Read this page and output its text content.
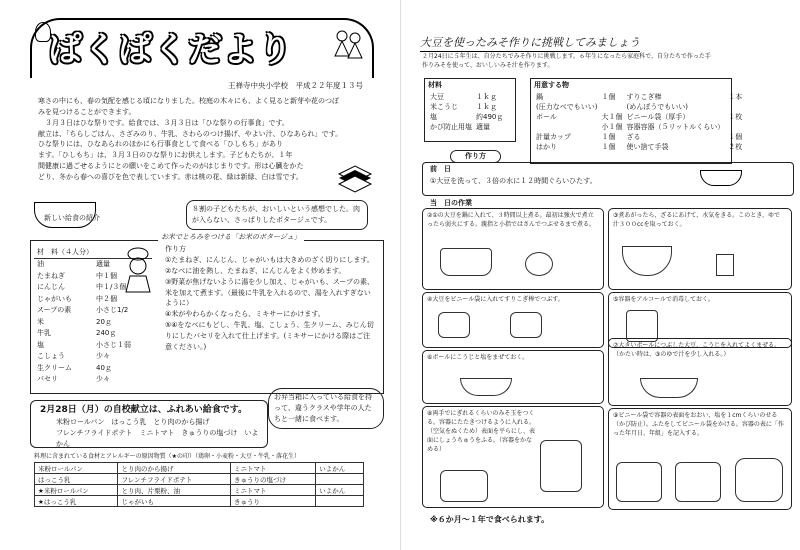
ぱくぱくだより
王禅寺中央小学校　平成２２年度１３号
寒さの中にも、春の気配を感じる頃になりました。校庭の木々にも、よく見ると新芽や花のつぼ
みを見つけることができます。
　３月３日はひな祭りです。給食では、３月３日は「ひな祭りの行事食」です。
献立は、「ちらしごはん、さざみのり、牛乳、さわらのつけ揚げ、やよい汁、ひなあられ」です。
ひな祭りには、ひなあられのほかにも行事食として食べる「ひしもち」があり
ます。「ひしもち」は、３月３日のひな祭りにお供えします。子どもたちが、１年
間健康に過ごせるようにとの願いをこめて作ったのがはじまりです。形は心臓をかた
どり、冬から春への喜びを色で表しています。赤は桃の花、緑は新緑、白は雪です。
新しい給食の紹介
８割の子どもたちが、おいしいという感想でした。肉が入らない、さっぱりしたポタージュです。
お米でとろみをつける「お米のポタージュ」
材　料（４人分）	
油	適量
たまねぎ	中１個
にんじん	中１/３個
じゃがいも	中２個
スープの素	小さじ1/2
米	20ｇ
牛乳	240ｇ
塩	小さじ１弱
こしょう	少々
生クリーム	40ｇ
パセリ	少々
作り方
①たまねぎ、にんじん、じゃがいもは大きめのざく切りにします。
②なべに油を熱し、たまねぎ、にんじんをよく炒めます。
③野菜が焦げないように湯を少し加え、じゃがいも、スープの素、米を加えて煮ます。（最後に牛乳を入れるので、湯を入れすぎないように）
④米がやわらかくなったら、ミキサーにかけます。
⑤④をなべにもどし、牛乳、塩、こしょう、生クリーム、みじん切りにしたパセリを入れて仕上げます。(ミキサーにかける際はご注意ください。)
2月28日（月）の自校献立は、ふれあい給食です。
米粉ロールパン　 はっこう乳　 とり肉のから揚げ
フレンチフライドポテト　 ミニトマト　 きゅうりの塩づけ　 いよかん
お弁当箱に入っている給食を持って、違うクラスや学年の人たちと一緒に食べます。
料理に含まれている食材とアレルギーの原因物質（★の印）（鶏卵・小麦粉・大豆・牛乳・落花生）
米粉ロールパン	とり肉のから揚げ	ミニトマト	いよかん
はっこう乳	フレンチフライドポテト	きゅうりの塩づけ	
★米粉ロールパン	とり肉、片栗粉、油	ミニトマト	いよかん
★はっこう乳	じゃがいも	きゅうり	
大豆を使ったみそ作りに挑戦してみましょう
２月24日に５年生は、自分たちでみそ作りに挑戦します。６年生になったら家庭科で、自分たちで作った手
作りみそを使って、おいしいみそ汁を作ります。
材料
大豆	１ｋｇ
米こうじ	１ｋｇ
塩	約490ｇ
かび防止用塩	適量
用意する物
鍋	１個	すりこぎ棒	１本
(圧力なべでもいい)		(めんぼうでもいい)	
ボール	大１個	ビニール袋（厚手）	１枚
	小１個	容器容器（５リットルくらい）	
計量カップ	１個	ざる	１個
はかり	１個	使い捨て手袋	２枚
作り方
前　日
①大豆を洗って、３倍の水に１２時間ぐらいひたす。
当　日の作業
②①の大豆を鍋に入れて、３時間以上煮る。最初は強火で煮立ったら弱火にする。親指と小指ではさんでつぶせるまで煮る。
③煮あがったら、ざるにあげて、水気をきる。このとき、ゆで汁３００ccを取っておく。
④大豆をビニール袋に入れてすりこぎ棒でつぶす。	⑤容器をアルコールで消毒しておく。
⑥ボールにこうじと塩をまぜておく。
⑦大きいボールにつぶした大豆、こうじを入れてよくまぜる。（かたい時は、③のゆで汁を少し入れる。）
⑧両手でにぎれるくらいのみそ玉をつくる。容器にたたきつけるように入れる。（空気をぬくため）表面を平らにし、表面にしょうちゅうをふる。（容器をかなめる）
⑨ビニール袋で容器の表面をおおい、塩を１cmくらいのせる（かび防止）。ふたをしてビニール袋をかける。容器の表に「作った年月日、年組」を記入する。
※６か月～１年で食べられます。
